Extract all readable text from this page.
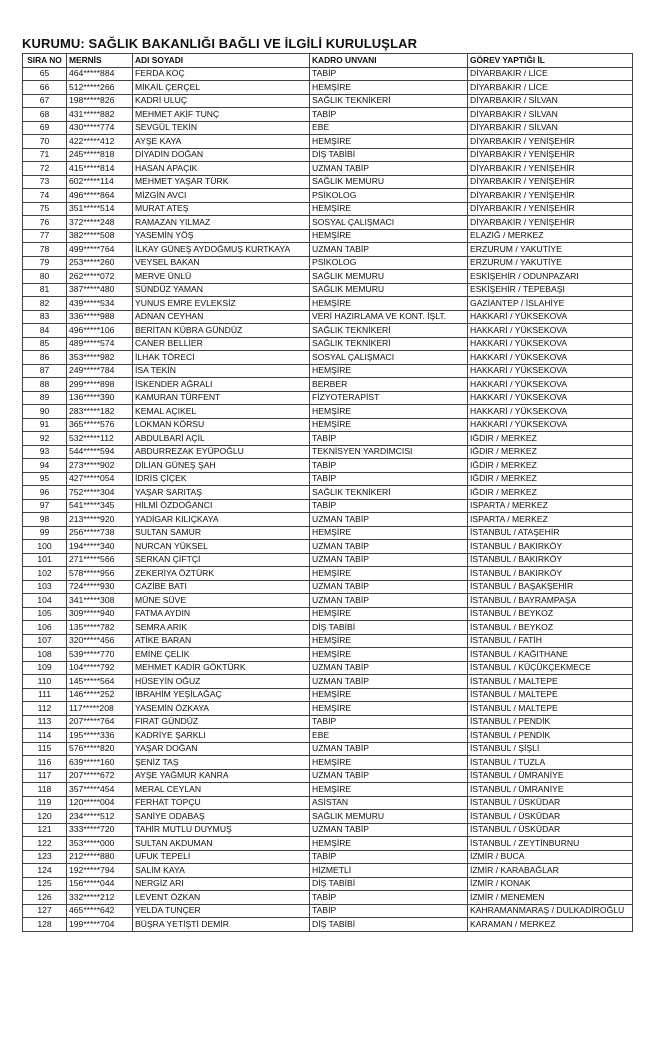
KURUMU: SAĞLIK BAKANLIĞI BAĞLI VE İLGİLİ KURULUŞLAR
SIRA NO	MERNİS	ADI SOYADI	KADRO UNVANI	GÖREV YAPTIĞI İL
65	464*****884	FERDA KOÇ	TABİP	DİYARBAKIR / LİCE
66	512*****266	MİKAİL ÇERÇEL	HEMŞİRE	DİYARBAKIR / LİCE
67	198*****826	KADRİ ULUÇ	SAĞLIK TEKNİKERİ	DİYARBAKIR / SİLVAN
68	431*****882	MEHMET AKİF TUNÇ	TABİP	DİYARBAKIR / SİLVAN
69	430*****774	SEVGÜL TEKİN	EBE	DİYARBAKIR / SİLVAN
70	422*****412	AYŞE KAYA	HEMŞİRE	DİYARBAKIR / YENİŞEHİR
71	245*****818	DİYADİN DOĞAN	DİŞ TABİBİ	DİYARBAKIR / YENİŞEHİR
72	415*****814	HASAN APAÇIK	UZMAN TABİP	DİYARBAKIR / YENİŞEHİR
73	602*****114	MEHMET YAŞAR TÜRK	SAĞLIK MEMURU	DİYARBAKIR / YENİŞEHİR
74	496*****864	MİZGİN AVCI	PSİKOLOG	DİYARBAKIR / YENİŞEHİR
75	351*****514	MURAT ATEŞ	HEMŞİRE	DİYARBAKIR / YENİŞEHİR
76	372*****248	RAMAZAN YILMAZ	SOSYAL ÇALIŞMACI	DİYARBAKIR / YENİŞEHİR
77	382*****508	YASEMİN YÖŞ	HEMŞİRE	ELAZIĞ / MERKEZ
78	499*****764	İLKAY GÜNEŞ AYDOĞMUŞ KURTKAYA	UZMAN TABİP	ERZURUM / YAKUTİYE
79	253*****260	VEYSEL BAKAN	PSİKOLOG	ERZURUM / YAKUTİYE
80	262*****072	MERVE ÜNLÜ	SAĞLIK MEMURU	ESKİŞEHİR / ODUNPAZARI
81	387*****480	SÜNDÜZ YAMAN	SAĞLIK MEMURU	ESKİŞEHİR / TEPEBAŞI
82	439*****534	YUNUS EMRE EVLEKSİZ	HEMŞİRE	GAZİANTEP / İSLAHİYE
83	336*****988	ADNAN CEYHAN	VERİ HAZIRLAMA VE KONT. İŞLT.	HAKKARİ / YÜKSEKOVA
84	496*****106	BERİTAN KÜBRA GÜNDÜZ	SAĞLIK TEKNİKERİ	HAKKARİ / YÜKSEKOVA
85	489*****574	CANER BELLİER	SAĞLIK TEKNİKERİ	HAKKARİ / YÜKSEKOVA
86	353*****982	İLHAK TÖRECİ	SOSYAL ÇALIŞMACI	HAKKARİ / YÜKSEKOVA
87	249*****784	İSA TEKİN	HEMŞİRE	HAKKARİ / YÜKSEKOVA
88	299*****898	İSKENDER AĞRALI	BERBER	HAKKARİ / YÜKSEKOVA
89	136*****390	KAMURAN TÜRFENT	FİZYOTERAPİST	HAKKARİ / YÜKSEKOVA
90	283*****182	KEMAL AÇIKEL	HEMŞİRE	HAKKARİ / YÜKSEKOVA
91	365*****576	LOKMAN KÖRSU	HEMŞİRE	HAKKARİ / YÜKSEKOVA
92	532*****112	ABDULBARİ AÇİL	TABİP	IĞDIR / MERKEZ
93	544*****594	ABDURREZAK EYÜPOĞLU	TEKNİSYEN YARDIMCISI	IĞDIR / MERKEZ
94	273*****902	DİLİAN GÜNEŞ ŞAH	TABİP	IĞDIR / MERKEZ
95	427*****054	İDRİS ÇİÇEK	TABİP	IĞDIR / MERKEZ
96	752*****304	YAŞAR SARITAŞ	SAĞLIK TEKNİKERİ	IĞDIR / MERKEZ
97	541*****345	HİLMİ ÖZDOĞANCI	TABİP	ISPARTA / MERKEZ
98	213*****920	YADİGAR KILIÇKAYA	UZMAN TABİP	ISPARTA / MERKEZ
99	256*****738	SULTAN SAMUR	HEMŞİRE	İSTANBUL / ATAŞEHİR
100	194*****340	NURCAN YÜKSEL	UZMAN TABİP	İSTANBUL / BAKIRKÖY
101	271*****566	SERKAN ÇİFTÇİ	UZMAN TABİP	İSTANBUL / BAKIRKÖY
102	578*****956	ZEKERİYA ÖZTÜRK	HEMŞİRE	İSTANBUL / BAKIRKÖY
103	724*****930	CAZİBE BATI	UZMAN TABİP	İSTANBUL / BAŞAKŞEHİR
104	341*****308	MÜNE SÜVE	UZMAN TABİP	İSTANBUL / BAYRAMPAŞA
105	309*****940	FATMA AYDIN	HEMŞİRE	İSTANBUL / BEYKOZ
106	135*****782	SEMRA ARIK	DİŞ TABİBİ	İSTANBUL / BEYKOZ
107	320*****456	ATİKE BARAN	HEMŞİRE	İSTANBUL / FATİH
108	539*****770	EMİNE ÇELİK	HEMŞİRE	İSTANBUL / KAĞITHANE
109	104*****792	MEHMET KADİR GÖKTÜRK	UZMAN TABİP	İSTANBUL / KÜÇÜKÇEKMECE
110	145*****564	HÜSEYİN OĞUZ	UZMAN TABİP	İSTANBUL / MALTEPE
111	146*****252	İBRAHİM YEŞİLAĞAÇ	HEMŞİRE	İSTANBUL / MALTEPE
112	117*****208	YASEMİN ÖZKAYA	HEMŞİRE	İSTANBUL / MALTEPE
113	207*****764	FIRAT GÜNDÜZ	TABİP	İSTANBUL / PENDİK
114	195*****336	KADRİYE ŞARKLI	EBE	İSTANBUL / PENDİK
115	576*****820	YAŞAR DOĞAN	UZMAN TABİP	İSTANBUL / ŞİŞLİ
116	639*****160	ŞENİZ TAŞ	HEMŞİRE	İSTANBUL / TUZLA
117	207*****672	AYŞE YAĞMUR KANRA	UZMAN TABİP	İSTANBUL / ÜMRANİYE
118	357*****454	MERAL CEYLAN	HEMŞİRE	İSTANBUL / ÜMRANİYE
119	120*****004	FERHAT TOPÇU	ASİSTAN	İSTANBUL / ÜSKÜDAR
120	234*****512	SANİYE ODABAŞ	SAĞLIK MEMURU	İSTANBUL / ÜSKÜDAR
121	333*****720	TAHİR MUTLU DUYMUŞ	UZMAN TABİP	İSTANBUL / ÜSKÜDAR
122	353*****000	SULTAN AKDUMAN	HEMŞİRE	İSTANBUL / ZEYTİNBURNU
123	212*****880	UFUK TEPELİ	TABİP	İZMİR / BUCA
124	192*****794	SALİM KAYA	HİZMETLİ	İZMİR / KARABAĞLAR
125	156*****044	NERGİZ ARI	DİŞ TABİBİ	İZMİR / KONAK
126	332*****212	LEVENT ÖZKAN	TABİP	İZMİR / MENEMEN
127	465*****642	YELDA TUNÇER	TABİP	KAHRAMANMARAŞ / DULKADİROĞLU
128	199*****704	BÜŞRA YETİŞTİ DEMİR	DİŞ TABİBİ	KARAMAN / MERKEZ
